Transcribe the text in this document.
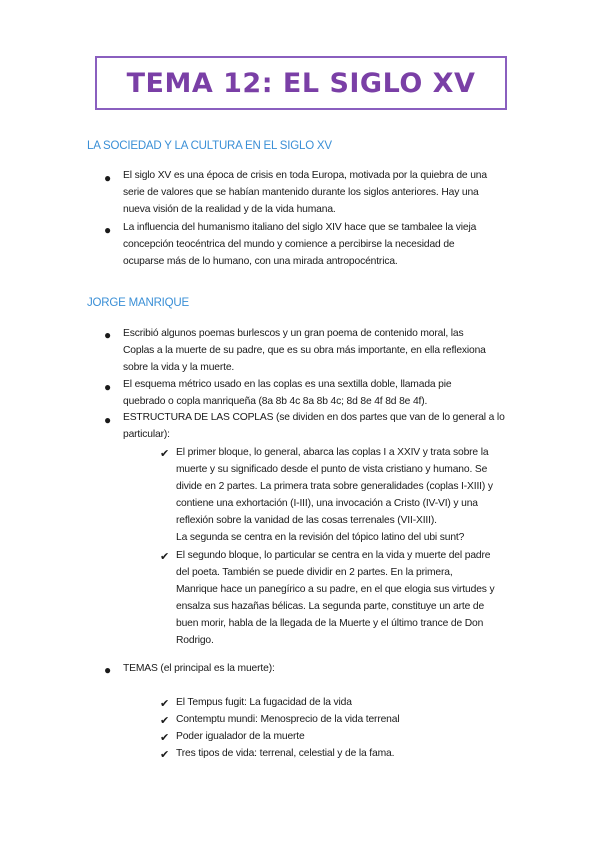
TEMA 12: EL SIGLO XV
LA SOCIEDAD Y LA CULTURA EN EL SIGLO XV
● El siglo XV es una época de crisis en toda Europa, motivada por la quiebra de una
serie de valores que se habían mantenido durante los siglos anteriores. Hay una
nueva visión de la realidad y de la vida humana.
● La influencia del humanismo italiano del siglo XIV hace que se tambalee la vieja
concepción teocéntrica del mundo y comience a percibirse la necesidad de
ocuparse más de lo humano, con una mirada antropocéntrica.
JORGE MANRIQUE
● Escribió algunos poemas burlescos y un gran poema de contenido moral, las
Coplas a la muerte de su padre, que es su obra más importante, en ella reflexiona
sobre la vida y la muerte.
● El esquema métrico usado en las coplas es una sextilla doble, llamada pie
quebrado o copla manriqueña (8a 8b 4c 8a 8b 4c; 8d 8e 4f 8d 8e 4f).
● ESTRUCTURA DE LAS COPLAS (se dividen en dos partes que van de lo general a lo
particular):
✔ El primer bloque, lo general, abarca las coplas I a XXIV y trata sobre la
muerte y su significado desde el punto de vista cristiano y humano. Se
divide en 2 partes. La primera trata sobre generalidades (coplas I-XIII) y
contiene una exhortación (I-III), una invocación a Cristo (IV-VI) y una
reflexión sobre la vanidad de las cosas terrenales (VII-XIII).
La segunda se centra en la revisión del tópico latino del ubi sunt?
✔ El segundo bloque, lo particular se centra en la vida y muerte del padre
del poeta. También se puede dividir en 2 partes. En la primera,
Manrique hace un panegírico a su padre, en el que elogia sus virtudes y
ensalza sus hazañas bélicas. La segunda parte, constituye un arte de
buen morir, habla de la llegada de la Muerte y el último trance de Don
Rodrigo.
● TEMAS (el principal es la muerte):
✔ El Tempus fugit: La fugacidad de la vida
✔ Contemptu mundi: Menosprecio de la vida terrenal
✔ Poder igualador de la muerte
✔ Tres tipos de vida: terrenal, celestial y de la fama.
